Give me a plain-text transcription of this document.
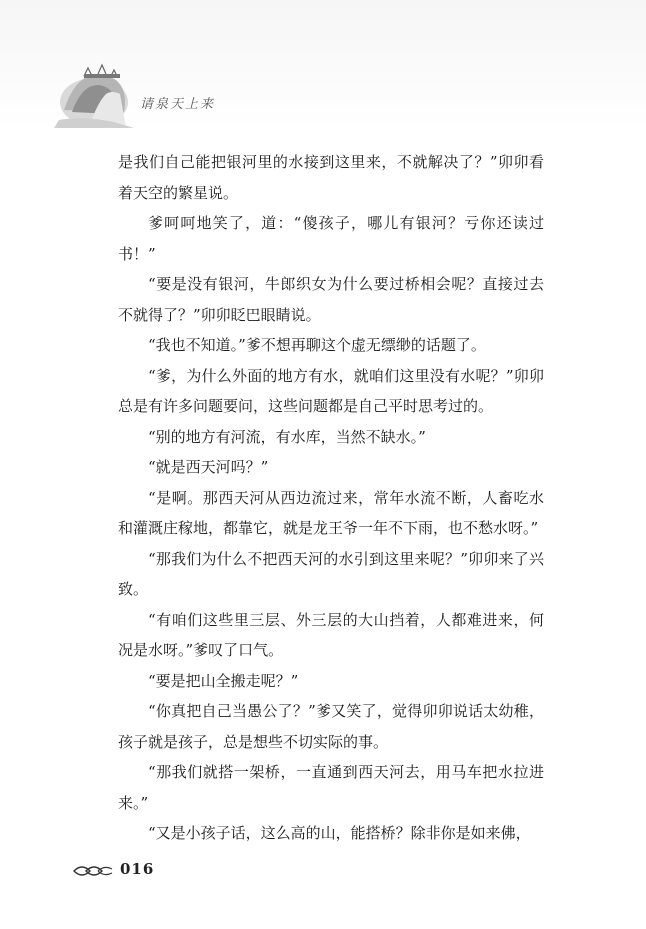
请泉天上来

是我们自己能把银河里的水接到这里来，不就解决了？”卯卯看着天空的繁星说。

爹呵呵地笑了，道：“傻孩子，哪儿有银河？亏你还读过书！”

“要是没有银河，牛郎织女为什么要过桥相会呢？直接过去不就得了？”卯卯眨巴眼睛说。

“我也不知道。”爹不想再聊这个虚无缥缈的话题了。

“爹，为什么外面的地方有水，就咱们这里没有水呢？”卯卯总是有许多问题要问，这些问题都是自己平时思考过的。

“别的地方有河流，有水库，当然不缺水。”

“就是西天河吗？”

“是啊。那西天河从西边流过来，常年水流不断，人畜吃水和灌溉庄稼地，都靠它，就是龙王爷一年不下雨，也不愁水呀。”

“那我们为什么不把西天河的水引到这里来呢？”卯卯来了兴致。

“有咱们这些里三层、外三层的大山挡着，人都难进来，何况是水呀。”爹叹了口气。

“要是把山全搬走呢？”

“你真把自己当愚公了？”爹又笑了，觉得卯卯说话太幼稚，孩子就是孩子，总是想些不切实际的事。

“那我们就搭一架桥，一直通到西天河去，用马车把水拉进来。”

“又是小孩子话，这么高的山，能搭桥？除非你是如来佛，

016
